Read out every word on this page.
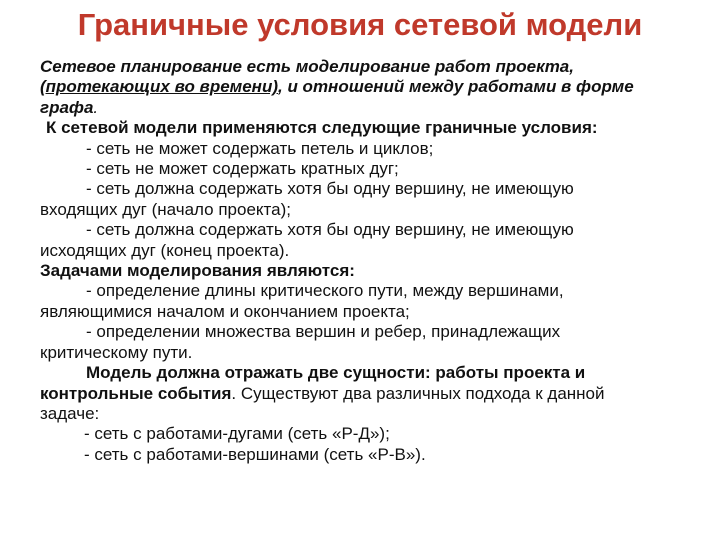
Граничные условия сетевой модели

Сетевое планирование есть моделирование работ проекта, (протекающих во времени), и отношений между работами в форме графа.

К сетевой модели применяются следующие граничные условия:

- сеть не может содержать петель и циклов;

- сеть не может содержать кратных дуг;

- сеть должна содержать хотя бы одну вершину, не имеющую

входящих дуг (начало проекта);

- сеть должна содержать хотя бы одну вершину, не имеющую

исходящих дуг (конец проекта).

Задачами моделирования являются:

- определение длины критического пути, между вершинами,

являющимися началом и окончанием проекта;

- определении множества вершин и ребер, принадлежащих

критическому пути.

Модель должна отражать две сущности: работы проекта и

контрольные события. Существуют два различных подхода к данной

задаче:

- сеть с работами-дугами (сеть «Р-Д»);

- сеть с работами-вершинами (сеть «Р-В»).
